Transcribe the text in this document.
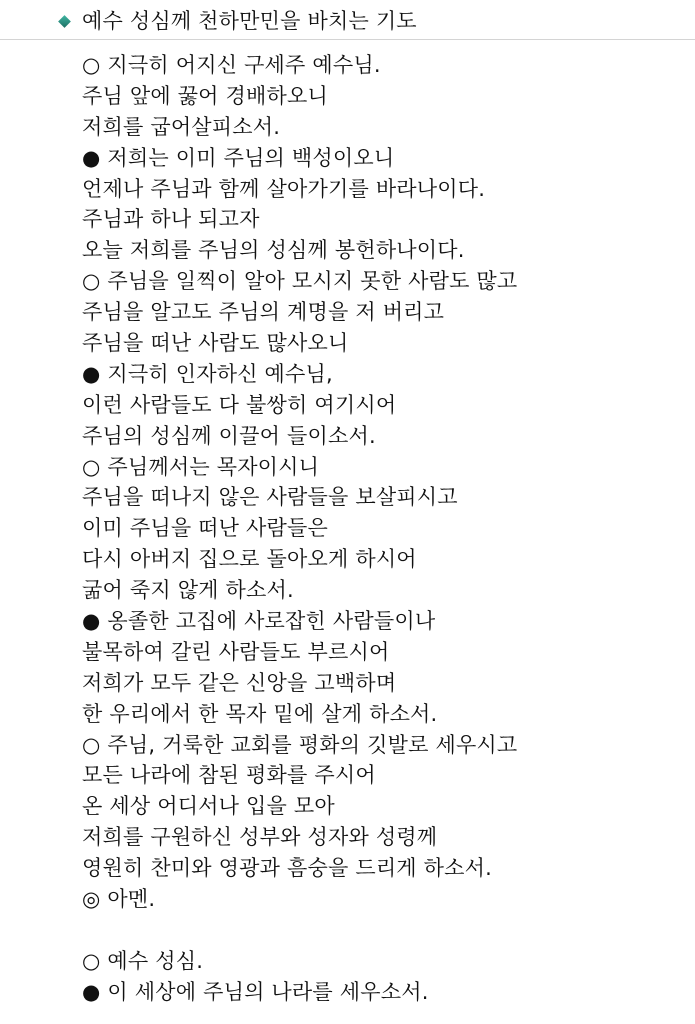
예수 성심께 천하만민을 바치는 기도
○ 지극히 어지신 구세주 예수님.
주님 앞에 꿇어 경배하오니
저희를 굽어살피소서.
● 저희는 이미 주님의 백성이오니
언제나 주님과 함께 살아가기를 바라나이다.
주님과 하나 되고자
오늘 저희를 주님의 성심께 봉헌하나이다.
○ 주님을 일찍이 알아 모시지 못한 사람도 많고
주님을 알고도 주님의 계명을 저 버리고
주님을 떠난 사람도 많사오니
● 지극히 인자하신 예수님,
이런 사람들도 다 불쌍히 여기시어
주님의 성심께 이끌어 들이소서.
○ 주님께서는 목자이시니
주님을 떠나지 않은 사람들을 보살피시고
이미 주님을 떠난 사람들은
다시 아버지 집으로 돌아오게 하시어
굶어 죽지 않게 하소서.
● 옹졸한 고집에 사로잡힌 사람들이나
불목하여 갈린 사람들도 부르시어
저희가 모두 같은 신앙을 고백하며
한 우리에서 한 목자 밑에 살게 하소서.
○ 주님, 거룩한 교회를 평화의 깃발로 세우시고
모든 나라에 참된 평화를 주시어
온 세상 어디서나 입을 모아
저희를 구원하신 성부와 성자와 성령께
영원히 찬미와 영광과 흠숭을 드리게 하소서.
◎ 아멘.
○ 예수 성심.
● 이 세상에 주님의 나라를 세우소서.
